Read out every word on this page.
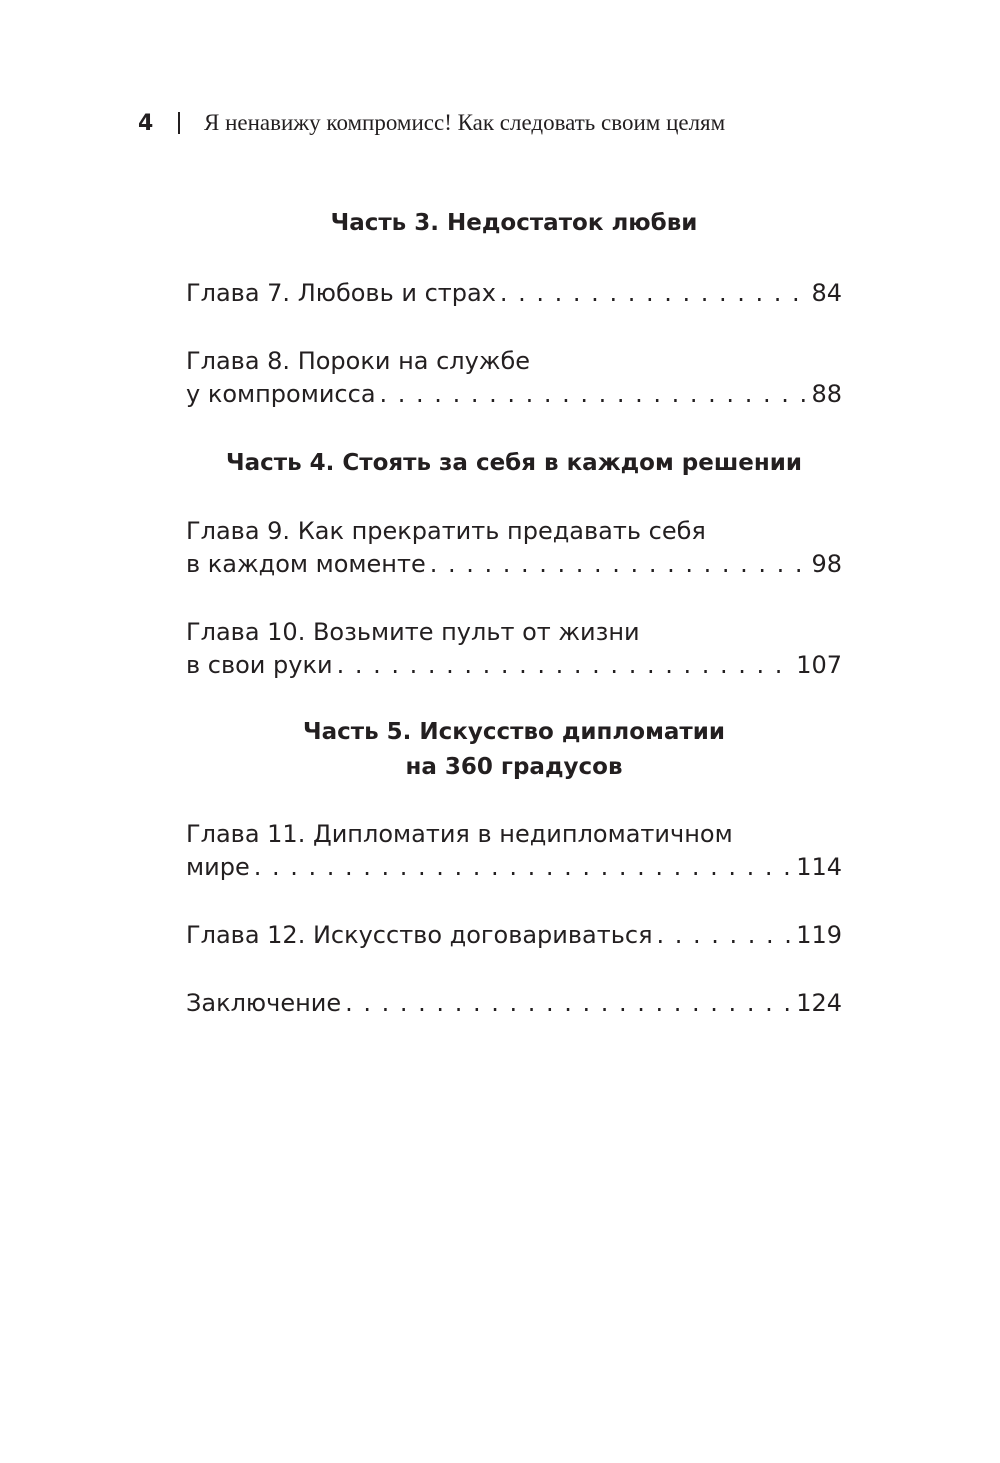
4	Я ненавижу компромисс! Как следовать своим целям
Часть 3. Недостаток любви
Глава 7. Любовь и страх . . .	84
Глава 8. Пороки на службе
у компромисса . . .	88
Часть 4. Стоять за себя в каждом решении
Глава 9. Как прекратить предавать себя
в каждом моменте . . .	98
Глава 10. Возьмите пульт от жизни
в свои руки . . .	107
Часть 5. Искусство дипломатии
на 360 градусов
Глава 11. Дипломатия в недипломатичном
мире . . .	114
Глава 12. Искусство договариваться . . .	119
Заключение . . .	124
